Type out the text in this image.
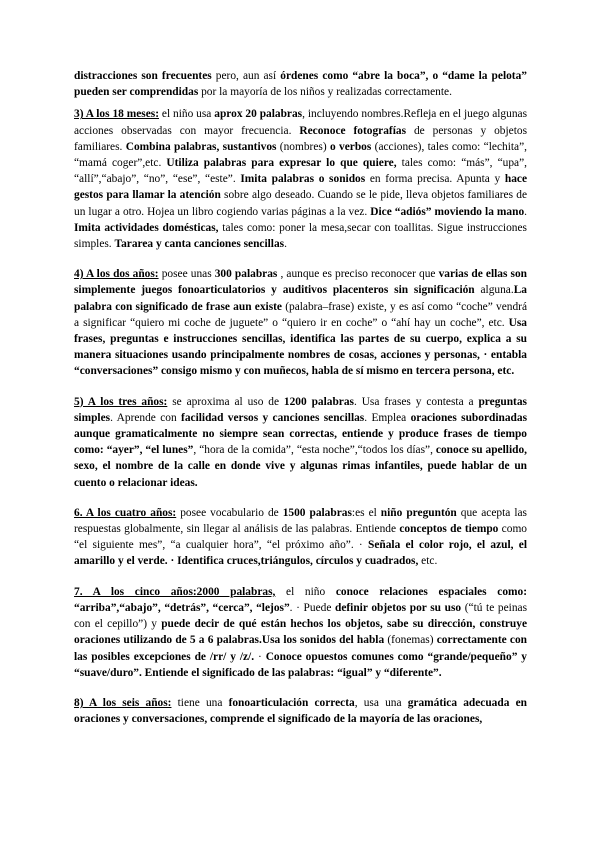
distracciones son frecuentes pero, aun así órdenes como “abre la boca”, o “dame la pelota” pueden ser comprendidas por la mayoría de los niños y realizadas correctamente.

3) A los 18 meses: el niño usa aprox 20 palabras, incluyendo nombres.Refleja en el juego algunas acciones observadas con mayor frecuencia. Reconoce fotografías de personas y objetos familiares. Combina palabras, sustantivos (nombres) o verbos (acciones), tales como: “lechita”, “mamá coger”,etc. Utiliza palabras para expresar lo que quiere, tales como: “más”, “upa”, “allí”,“abajo”, “no”, “ese”, “este”. Imita palabras o sonidos en forma precisa. Apunta y hace gestos para llamar la atención sobre algo deseado. Cuando se le pide, lleva objetos familiares de un lugar a otro. Hojea un libro cogiendo varias páginas a la vez. Dice “adiós” moviendo la mano. Imita actividades domésticas, tales como: poner la mesa,secar con toallitas. Sigue instrucciones simples. Tararea y canta canciones sencillas.

4) A los dos años: posee unas 300 palabras , aunque es preciso reconocer que varias de ellas son simplemente juegos fonoarticulatorios y auditivos placenteros sin significación alguna.La palabra con significado de frase aun existe (palabra–frase) existe, y es así como “coche” vendrá a significar “quiero mi coche de juguete” o “quiero ir en coche” o “ahí hay un coche”, etc. Usa frases, preguntas e instrucciones sencillas, identifica las partes de su cuerpo, explica a su manera situaciones usando principalmente nombres de cosas, acciones y personas, · entabla “conversaciones” consigo mismo y con muñecos, habla de sí mismo en tercera persona, etc.

5) A los tres años: se aproxima al uso de 1200 palabras. Usa frases y contesta a preguntas simples. Aprende con facilidad versos y canciones sencillas. Emplea oraciones subordinadas aunque gramaticalmente no siempre sean correctas, entiende y produce frases de tiempo como: “ayer”, “el lunes”, “hora de la comida”, “esta noche”,“todos los días”, conoce su apellido, sexo, el nombre de la calle en donde vive y algunas rimas infantiles, puede hablar de un cuento o relacionar ideas.

6. A los cuatro años: posee vocabulario de 1500 palabras:es el niño preguntón que acepta las respuestas globalmente, sin llegar al análisis de las palabras. Entiende conceptos de tiempo como “el siguiente mes”, “a cualquier hora”, “el próximo año”. · Señala el color rojo, el azul, el amarillo y el verde. · Identifica cruces,triángulos, círculos y cuadrados, etc.

7. A los cinco años:2000 palabras, el niño conoce relaciones espaciales como: “arriba”,“abajo”, “detrás”, “cerca”, “lejos”. · Puede definir objetos por su uso (“tú te peinas con el cepillo”) y puede decir de qué están hechos los objetos, sabe su dirección, construye oraciones utilizando de 5 a 6 palabras.Usa los sonidos del habla (fonemas) correctamente con las posibles excepciones de /rr/ y /z/. · Conoce opuestos comunes como “grande/pequeño” y “suave/duro”. Entiende el significado de las palabras: “igual” y “diferente”.

8) A los seis años: tiene una fonoarticulación correcta, usa una gramática adecuada en oraciones y conversaciones, comprende el significado de la mayoría de las oraciones,
